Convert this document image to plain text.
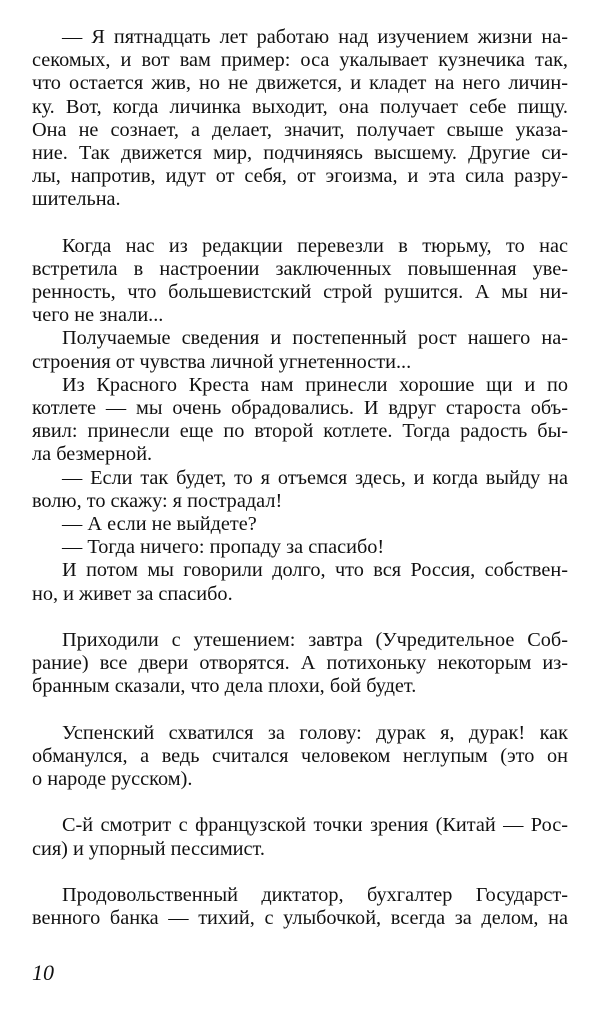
— Я пятнадцать лет работаю над изучением жизни на-
секомых, и вот вам пример: оса укалывает кузнечика так,
что остается жив, но не движется, и кладет на него личин-
ку. Вот, когда личинка выходит, она получает себе пищу.
Она не сознает, а делает, значит, получает свыше указа-
ние. Так движется мир, подчиняясь высшему. Другие си-
лы, напротив, идут от себя, от эгоизма, и эта сила разру-
шительна.
Когда нас из редакции перевезли в тюрьму, то нас
встретила в настроении заключенных повышенная уве-
ренность, что большевистский строй рушится. А мы ни-
чего не знали...
Получаемые сведения и постепенный рост нашего на-
строения от чувства личной угнетенности...
Из Красного Креста нам принесли хорошие щи и по
котлете — мы очень обрадовались. И вдруг староста объ-
явил: принесли еще по второй котлете. Тогда радость бы-
ла безмерной.
— Если так будет, то я отъемся здесь, и когда выйду на
волю, то скажу: я пострадал!
— А если не выйдете?
— Тогда ничего: пропаду за спасибо!
И потом мы говорили долго, что вся Россия, собствен-
но, и живет за спасибо.
Приходили с утешением: завтра (Учредительное Соб-
рание) все двери отворятся. А потихоньку некоторым из-
бранным сказали, что дела плохи, бой будет.
Успенский схватился за голову: дурак я, дурак! как
обманулся, а ведь считался человеком неглупым (это он
о народе русском).
С-й смотрит с французской точки зрения (Китай — Рос-
сия) и упорный пессимист.
Продовольственный диктатор, бухгалтер Государст-
венного банка — тихий, с улыбочкой, всегда за делом, на
10
